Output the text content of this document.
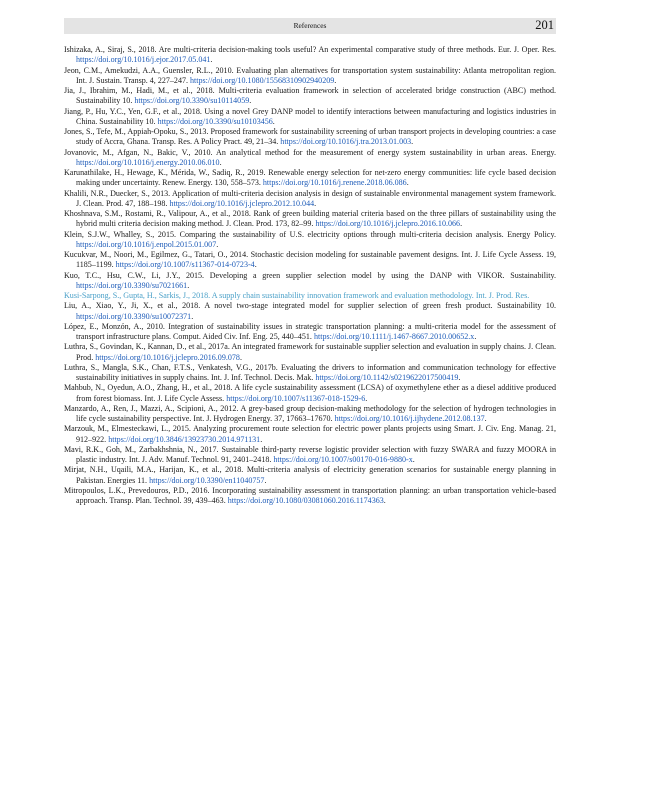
References	201

Ishizaka, A., Siraj, S., 2018. Are multi-criteria decision-making tools useful? An experimental comparative study of three methods. Eur. J. Oper. Res. https://doi.org/10.1016/j.ejor.2017.05.041.

Jeon, C.M., Amekudzi, A.A., Guensler, R.L., 2010. Evaluating plan alternatives for transportation system sustainability: Atlanta metropolitan region. Int. J. Sustain. Transp. 4, 227–247. https://doi.org/10.1080/15568310902940209.

Jia, J., Ibrahim, M., Hadi, M., et al., 2018. Multi-criteria evaluation framework in selection of accelerated bridge construction (ABC) method. Sustainability 10. https://doi.org/10.3390/su10114059.

Jiang, P., Hu, Y.C., Yen, G.F., et al., 2018. Using a novel Grey DANP model to identify interactions between manufacturing and logistics industries in China. Sustainability 10. https://doi.org/10.3390/su10103456.

Jones, S., Tefe, M., Appiah-Opoku, S., 2013. Proposed framework for sustainability screening of urban transport projects in developing countries: a case study of Accra, Ghana. Transp. Res. A Policy Pract. 49, 21–34. https://doi.org/10.1016/j.tra.2013.01.003.

Jovanovic, M., Afgan, N., Bakic, V., 2010. An analytical method for the measurement of energy system sustainability in urban areas. Energy. https://doi.org/10.1016/j.energy.2010.06.010.

Karunathilake, H., Hewage, K., Mérida, W., Sadiq, R., 2019. Renewable energy selection for net-zero energy communities: life cycle based decision making under uncertainty. Renew. Energy. 130, 558–573. https://doi.org/10.1016/j.renene.2018.06.086.

Khalili, N.R., Duecker, S., 2013. Application of multi-criteria decision analysis in design of sustainable environmental management system framework. J. Clean. Prod. 47, 188–198. https://doi.org/10.1016/j.jclepro.2012.10.044.

Khoshnava, S.M., Rostami, R., Valipour, A., et al., 2018. Rank of green building material criteria based on the three pillars of sustainability using the hybrid multi criteria decision making method. J. Clean. Prod. 173, 82–99. https://doi.org/10.1016/j.jclepro.2016.10.066.

Klein, S.J.W., Whalley, S., 2015. Comparing the sustainability of U.S. electricity options through multi-criteria decision analysis. Energy Policy. https://doi.org/10.1016/j.enpol.2015.01.007.

Kucukvar, M., Noori, M., Egilmez, G., Tatari, O., 2014. Stochastic decision modeling for sustainable pavement designs. Int. J. Life Cycle Assess. 19, 1185–1199. https://doi.org/10.1007/s11367-014-0723-4.

Kuo, T.C., Hsu, C.W., Li, J.Y., 2015. Developing a green supplier selection model by using the DANP with VIKOR. Sustainability. https://doi.org/10.3390/su7021661.

Kusi-Sarpong, S., Gupta, H., Sarkis, J., 2018. A supply chain sustainability innovation framework and evaluation methodology. Int. J. Prod. Res.

Liu, A., Xiao, Y., Ji, X., et al., 2018. A novel two-stage integrated model for supplier selection of green fresh product. Sustainability 10. https://doi.org/10.3390/su10072371.

López, E., Monzón, A., 2010. Integration of sustainability issues in strategic transportation planning: a multi-criteria model for the assessment of transport infrastructure plans. Comput. Aided Civ. Inf. Eng. 25, 440–451. https://doi.org/10.1111/j.1467-8667.2010.00652.x.

Luthra, S., Govindan, K., Kannan, D., et al., 2017a. An integrated framework for sustainable supplier selection and evaluation in supply chains. J. Clean. Prod. https://doi.org/10.1016/j.jclepro.2016.09.078.

Luthra, S., Mangla, S.K., Chan, F.T.S., Venkatesh, V.G., 2017b. Evaluating the drivers to information and communication technology for effective sustainability initiatives in supply chains. Int. J. Inf. Technol. Decis. Mak. https://doi.org/10.1142/s0219622017500419.

Mahbub, N., Oyedun, A.O., Zhang, H., et al., 2018. A life cycle sustainability assessment (LCSA) of oxymethylene ether as a diesel additive produced from forest biomass. Int. J. Life Cycle Assess. https://doi.org/10.1007/s11367-018-1529-6.

Manzardo, A., Ren, J., Mazzi, A., Scipioni, A., 2012. A grey-based group decision-making methodology for the selection of hydrogen technologies in life cycle sustainability perspective. Int. J. Hydrogen Energy. 37, 17663–17670. https://doi.org/10.1016/j.ijhydene.2012.08.137.

Marzouk, M., Elmesteckawi, L., 2015. Analyzing procurement route selection for electric power plants projects using Smart. J. Civ. Eng. Manag. 21, 912–922. https://doi.org/10.3846/13923730.2014.971131.

Mavi, R.K., Goh, M., Zarbakhshnia, N., 2017. Sustainable third-party reverse logistic provider selection with fuzzy SWARA and fuzzy MOORA in plastic industry. Int. J. Adv. Manuf. Technol. 91, 2401–2418. https://doi.org/10.1007/s00170-016-9880-x.

Mirjat, N.H., Uqaili, M.A., Harijan, K., et al., 2018. Multi-criteria analysis of electricity generation scenarios for sustainable energy planning in Pakistan. Energies 11. https://doi.org/10.3390/en11040757.

Mitropoulos, L.K., Prevedouros, P.D., 2016. Incorporating sustainability assessment in transportation planning: an urban transportation vehicle-based approach. Transp. Plan. Technol. 39, 439–463. https://doi.org/10.1080/03081060.2016.1174363.
